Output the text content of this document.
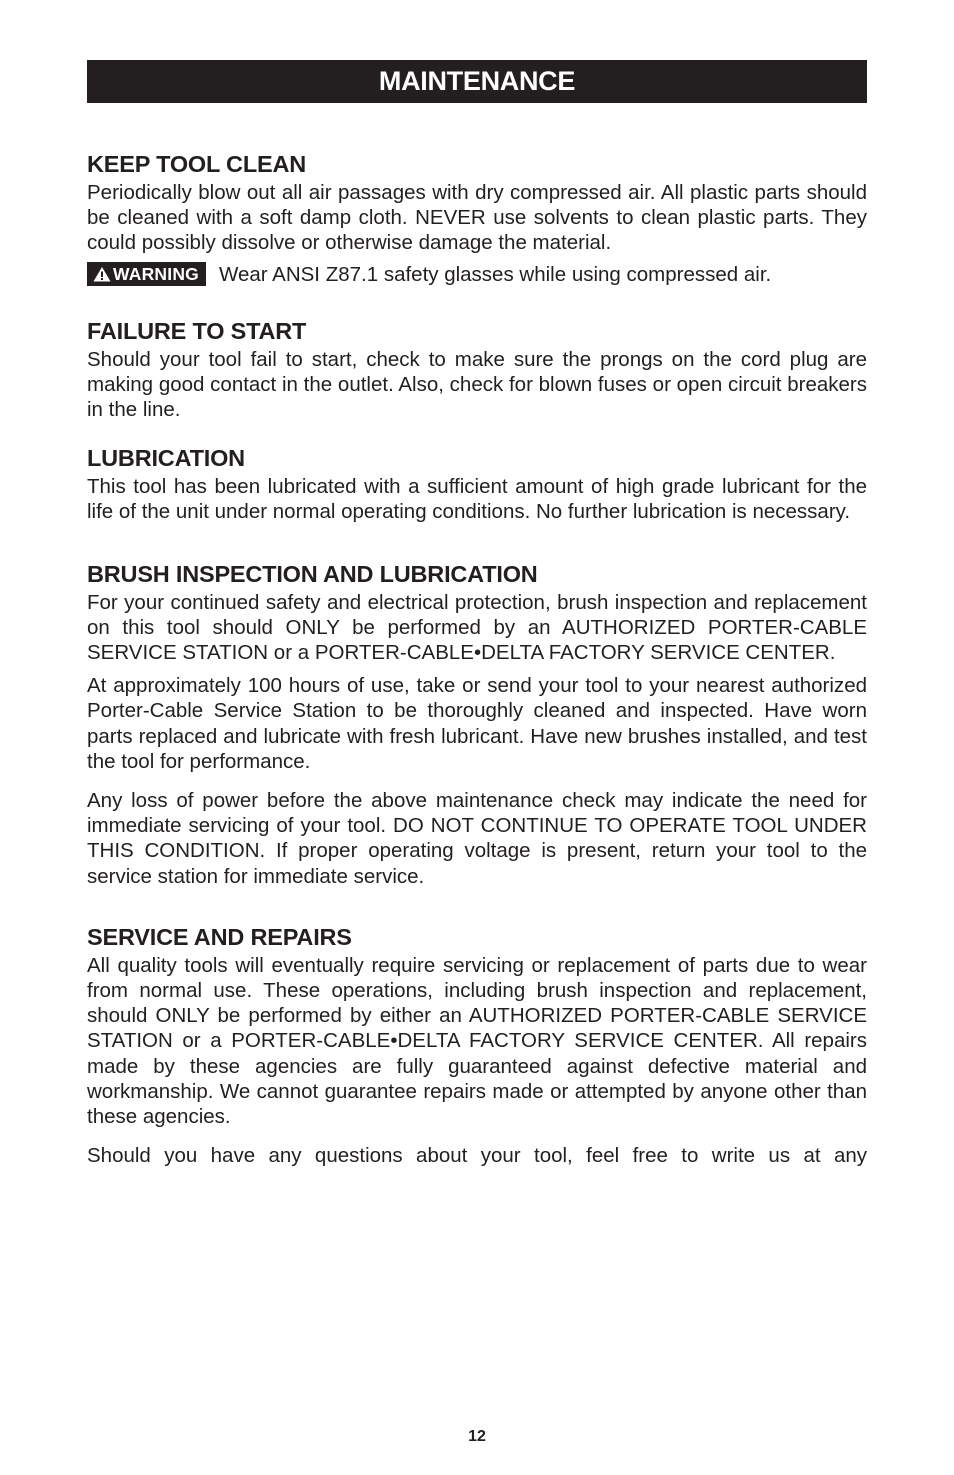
MAINTENANCE
KEEP TOOL CLEAN

Periodically blow out all air passages with dry compressed air. All plastic parts should be cleaned with a soft damp cloth. NEVER use solvents to clean plastic parts. They could possibly dissolve or otherwise damage the material.

WARNING Wear ANSI Z87.1 safety glasses while using compressed air.
FAILURE TO START

Should your tool fail to start, check to make sure the prongs on the cord plug are making good contact in the outlet. Also, check for blown fuses or open circuit breakers in the line.

LUBRICATION

This tool has been lubricated with a sufficient amount of high grade lubricant for the life of the unit under normal operating conditions. No further lubrication is necessary.

BRUSH INSPECTION AND LUBRICATION

For your continued safety and electrical protection, brush inspection and replacement on this tool should ONLY be performed by an AUTHORIZED PORTER-CABLE SERVICE STATION or a PORTER-CABLE•DELTA FACTORY SERVICE CENTER.

At approximately 100 hours of use, take or send your tool to your nearest authorized Porter-Cable Service Station to be thoroughly cleaned and inspected. Have worn parts replaced and lubricate with fresh lubricant. Have new brushes installed, and test the tool for performance.

Any loss of power before the above maintenance check may indicate the need for immediate servicing of your tool. DO NOT CONTINUE TO OPERATE TOOL UNDER THIS CONDITION. If proper operating voltage is present, return your tool to the service station for immediate service.

SERVICE AND REPAIRS

All quality tools will eventually require servicing or replacement of parts due to wear from normal use. These operations, including brush inspection and replacement, should ONLY be performed by either an AUTHORIZED PORTER-CABLE SERVICE STATION or a PORTER-CABLE•DELTA FACTORY SERVICE CENTER. All repairs made by these agencies are fully guaranteed against defective material and workmanship. We cannot guarantee repairs made or attempted by anyone other than these agencies.

Should you have any questions about your tool, feel free to write us at any

12
